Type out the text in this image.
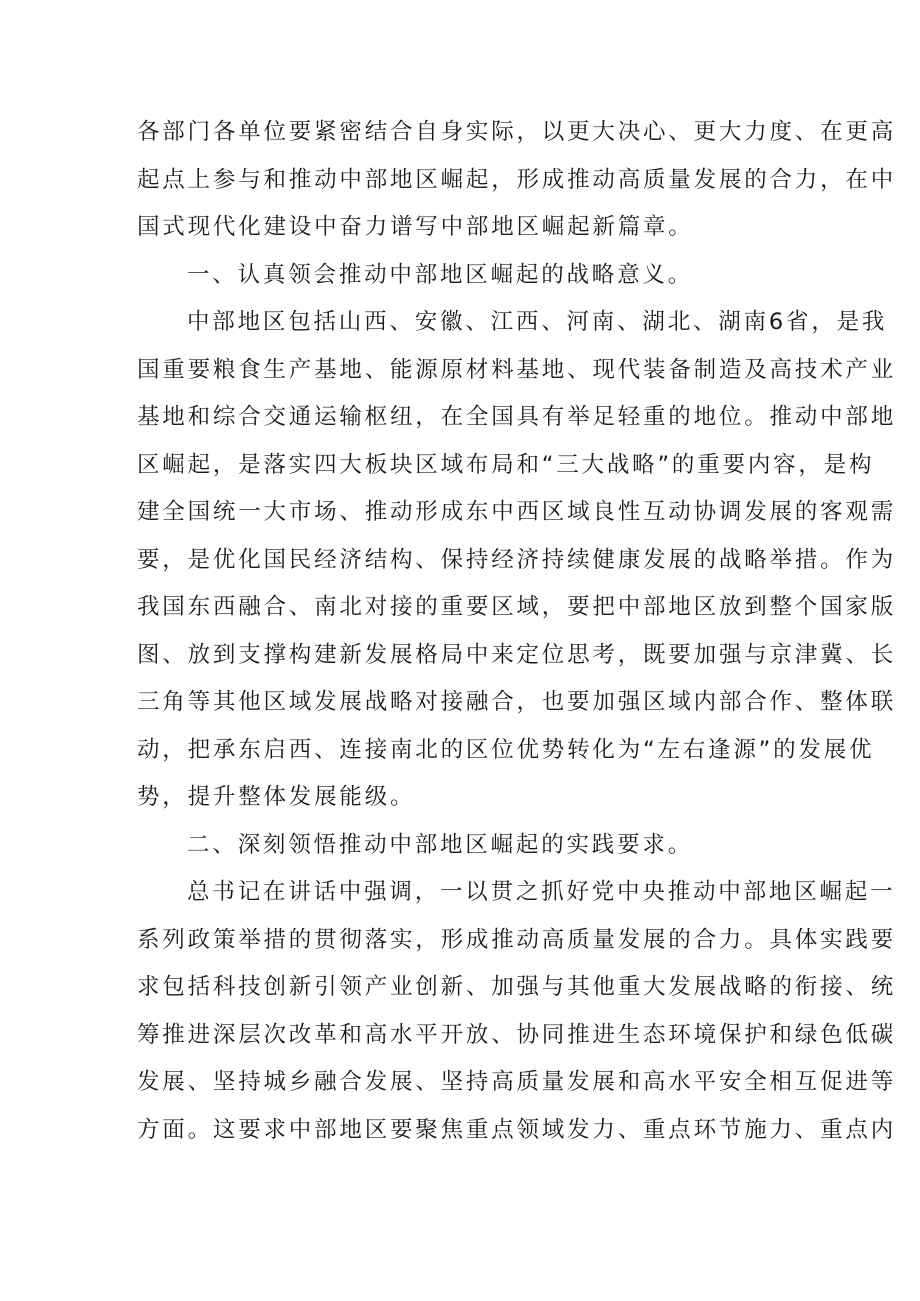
各部门各单位要紧密结合自身实际，以更大决心、更大力度、在更高
起点上参与和推动中部地区崛起，形成推动高质量发展的合力，在中
国式现代化建设中奋力谱写中部地区崛起新篇章。
一、认真领会推动中部地区崛起的战略意义。
中部地区包括山西、安徽、江西、河南、湖北、湖南6省，是我
国重要粮食生产基地、能源原材料基地、现代装备制造及高技术产业
基地和综合交通运输枢纽，在全国具有举足轻重的地位。推动中部地
区崛起，是落实四大板块区域布局和“三大战略”的重要内容，是构
建全国统一大市场、推动形成东中西区域良性互动协调发展的客观需
要，是优化国民经济结构、保持经济持续健康发展的战略举措。作为
我国东西融合、南北对接的重要区域，要把中部地区放到整个国家版
图、放到支撑构建新发展格局中来定位思考，既要加强与京津冀、长
三角等其他区域发展战略对接融合，也要加强区域内部合作、整体联
动，把承东启西、连接南北的区位优势转化为“左右逢源”的发展优
势，提升整体发展能级。
二、深刻领悟推动中部地区崛起的实践要求。
总书记在讲话中强调，一以贯之抓好党中央推动中部地区崛起一
系列政策举措的贯彻落实，形成推动高质量发展的合力。具体实践要
求包括科技创新引领产业创新、加强与其他重大发展战略的衔接、统
筹推进深层次改革和高水平开放、协同推进生态环境保护和绿色低碳
发展、坚持城乡融合发展、坚持高质量发展和高水平安全相互促进等
方面。这要求中部地区要聚焦重点领域发力、重点环节施力、重点内
